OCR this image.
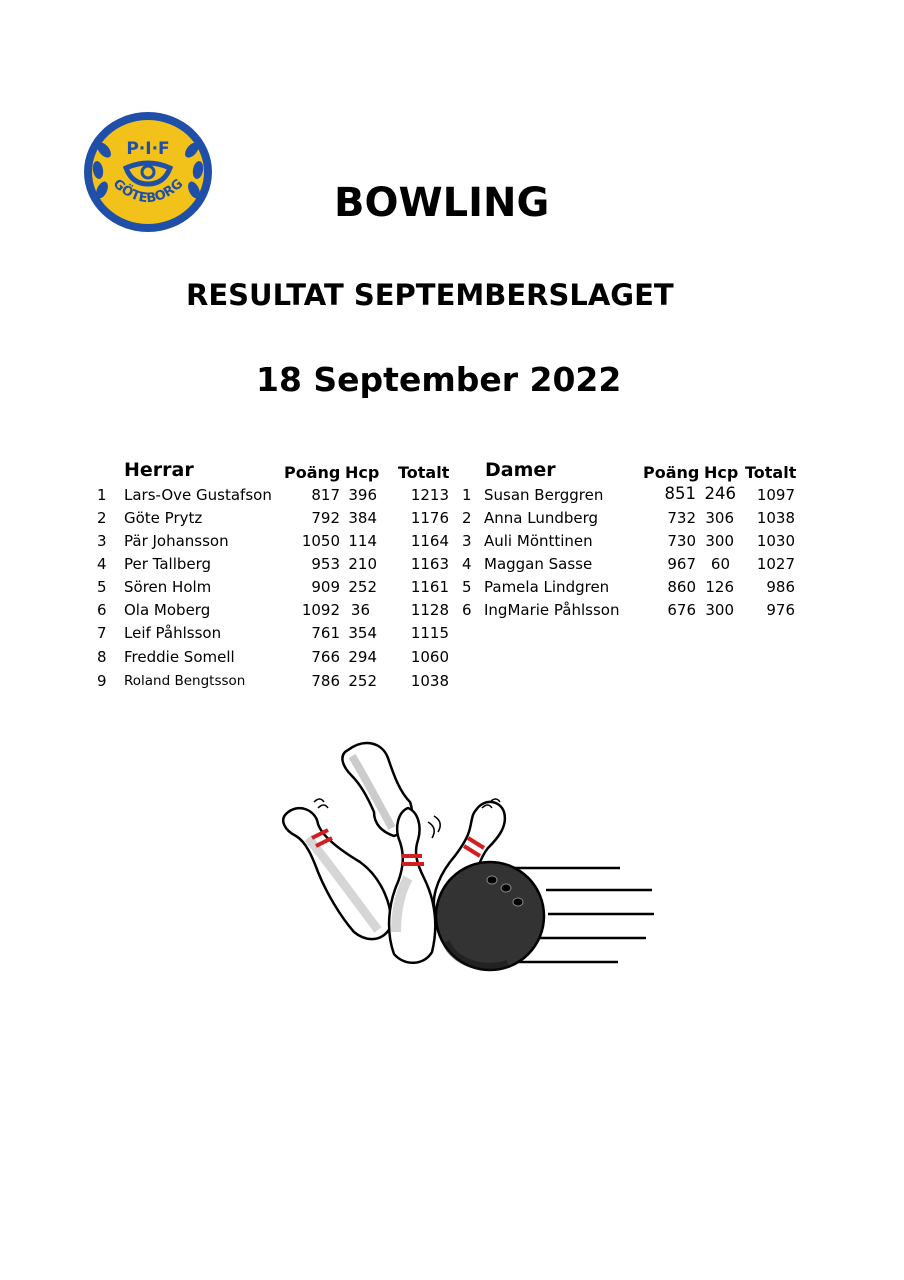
P·I·F
GÖTEBORG	BOWLING
RESULTAT SEPTEMBERSLAGET
18 September 2022
Herrar	Poäng Hcp Totalt Damer	Poäng Hcp Totalt
1 Lars-Ove Gustafson	817 396	1213
2 Göte Prytz	792 384	1176
3 Pär Johansson	1050 114	1164
4 Per Tallberg	953 210	1163
5 Sören Holm	909 252	1161
6 Ola Moberg	1092 36	1128
7 Leif Påhlsson	761 354	1115
8 Freddie Somell	766 294	1060
9 Roland Bengtsson	786 252	1038
1 Susan Berggren	851 246	1097
2 Anna Lundberg	732 306	1038
3 Auli Mönttinen	730 300	1030
4 Maggan Sasse	967 60	1027
5 Pamela Lindgren	860 126	986
6 IngMarie Påhlsson	676 300	976
